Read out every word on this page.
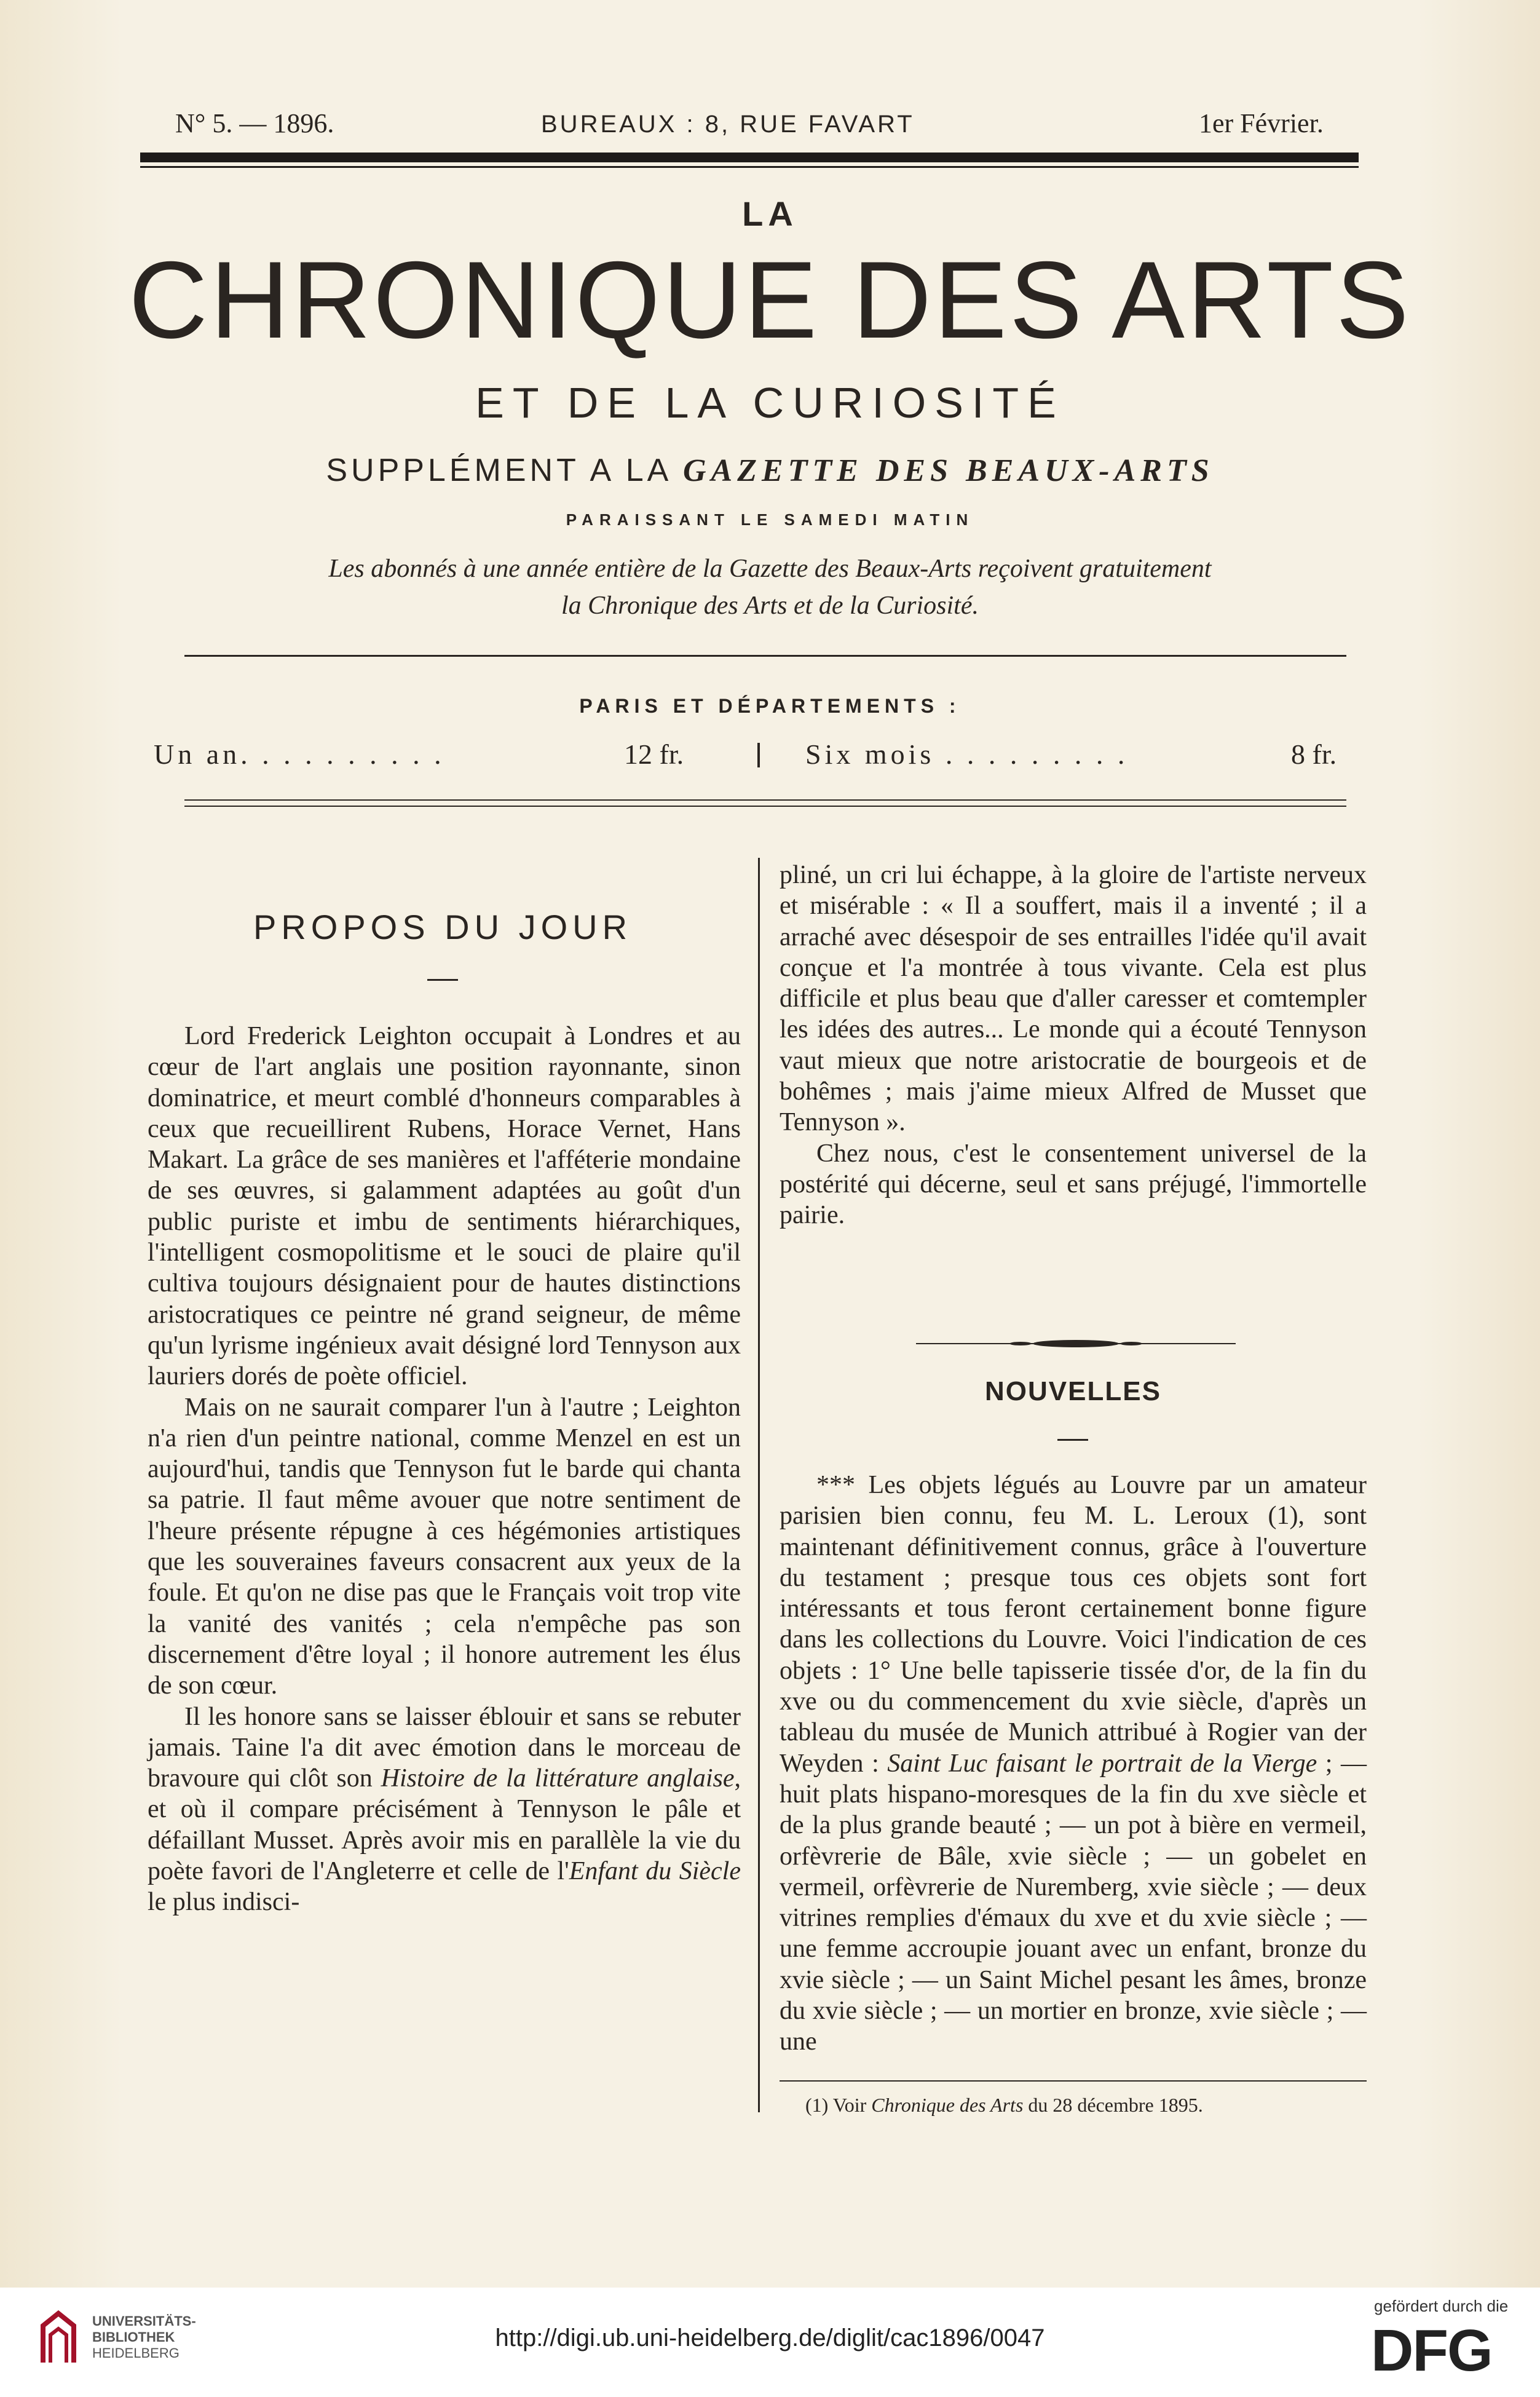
N° 5. — 1896.	BUREAUX : 8, RUE FAVART	1er Février.
LA
CHRONIQUE DES ARTS
ET DE LA CURIOSITÉ
SUPPLÉMENT A LA GAZETTE DES BEAUX-ARTS
PARAISSANT LE SAMEDI MATIN
Les abonnés à une année entière de la Gazette des Beaux-Arts reçoivent gratuitement
la Chronique des Arts et de la Curiosité.
PARIS ET DÉPARTEMENTS :
Un an. . . . . . . . . .	12 fr.	Six mois . . . . . . . . .	8 fr.
PROPOS DU JOUR

Lord Frederick Leighton occupait à Londres et au cœur de l'art anglais une position rayonnante, sinon dominatrice, et meurt comblé d'honneurs comparables à ceux que recueillirent Rubens, Horace Vernet, Hans Makart. La grâce de ses manières et l'afféterie mondaine de ses œuvres, si galamment adaptées au goût d'un public puriste et imbu de sentiments hiérarchiques, l'intelligent cosmopolitisme et le souci de plaire qu'il cultiva toujours désignaient pour de hautes distinctions aristocratiques ce peintre né grand seigneur, de même qu'un lyrisme ingénieux avait désigné lord Tennyson aux lauriers dorés de poète officiel.

Mais on ne saurait comparer l'un à l'autre ; Leighton n'a rien d'un peintre national, comme Menzel en est un aujourd'hui, tandis que Tennyson fut le barde qui chanta sa patrie. Il faut même avouer que notre sentiment de l'heure présente répugne à ces hégémonies artistiques que les souveraines faveurs consacrent aux yeux de la foule. Et qu'on ne dise pas que le Français voit trop vite la vanité des vanités ; cela n'empêche pas son discernement d'être loyal ; il honore autrement les élus de son cœur.

Il les honore sans se laisser éblouir et sans se rebuter jamais. Taine l'a dit avec émotion dans le morceau de bravoure qui clôt son Histoire de la littérature anglaise, et où il compare précisément à Tennyson le pâle et défaillant Musset. Après avoir mis en parallèle la vie du poète favori de l'Angleterre et celle de l'Enfant du Siècle le plus indisci-

pliné, un cri lui échappe, à la gloire de l'artiste nerveux et misérable : « Il a souffert, mais il a inventé ; il a arraché avec désespoir de ses entrailles l'idée qu'il avait conçue et l'a montrée à tous vivante. Cela est plus difficile et plus beau que d'aller caresser et comtempler les idées des autres... Le monde qui a écouté Tennyson vaut mieux que notre aristocratie de bourgeois et de bohêmes ; mais j'aime mieux Alfred de Musset que Tennyson ».

Chez nous, c'est le consentement universel de la postérité qui décerne, seul et sans préjugé, l'immortelle pairie.

NOUVELLES

*** Les objets légués au Louvre par un amateur parisien bien connu, feu M. L. Leroux (1), sont maintenant définitivement connus, grâce à l'ouverture du testament ; presque tous ces objets sont fort intéressants et tous feront certainement bonne figure dans les collections du Louvre. Voici l'indication de ces objets : 1° Une belle tapisserie tissée d'or, de la fin du xve ou du commencement du xvie siècle, d'après un tableau du musée de Munich attribué à Rogier van der Weyden : Saint Luc faisant le portrait de la Vierge ; — huit plats hispano-moresques de la fin du xve siècle et de la plus grande beauté ; — un pot à bière en vermeil, orfèvrerie de Bâle, xvie siècle ; — un gobelet en vermeil, orfèvrerie de Nuremberg, xvie siècle ; — deux vitrines remplies d'émaux du xve et du xvie siècle ; — une femme accroupie jouant avec un enfant, bronze du xvie siècle ; — un Saint Michel pesant les âmes, bronze du xvie siècle ; — un mortier en bronze, xvie siècle ; — une

(1) Voir Chronique des Arts du 28 décembre 1895.
UNIVERSITÄTS-
BIBLIOTHEK
HEIDELBERG
http://digi.ub.uni-heidelberg.de/diglit/cac1896/0047
gefördert durch die
DFG
